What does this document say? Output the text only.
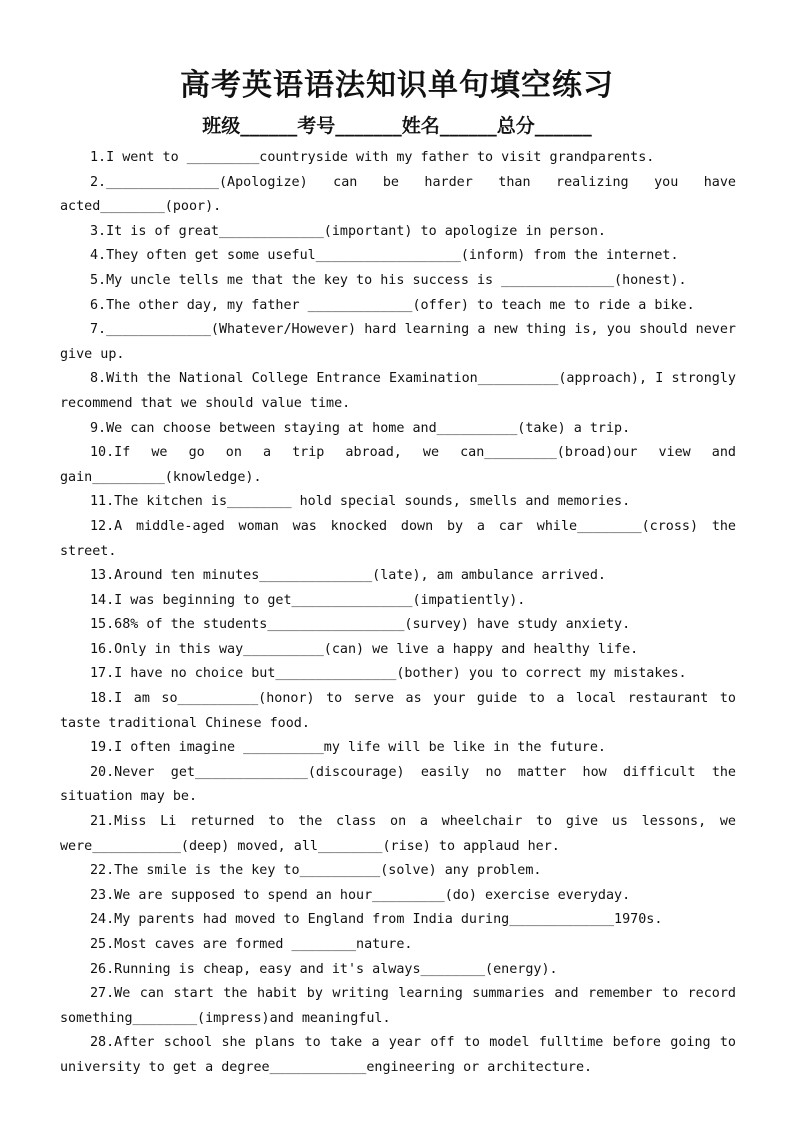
高考英语语法知识单句填空练习
班级______考号_______姓名______总分______

1.I went to _________countryside with my father to visit grandparents.

2.______________(Apologize) can be harder than realizing you have acted________(poor).

3.It is of great_____________(important) to apologize in person.

4.They often get some useful__________________(inform) from the internet.

5.My uncle tells me that the key to his success is ______________(honest).

6.The other day, my father _____________(offer) to teach me to ride a bike.

7._____________(Whatever/However) hard learning a new thing is, you should never give up.

8.With the National College Entrance Examination__________(approach), I strongly recommend that we should value time.

9.We can choose between staying at home and__________(take) a trip.

10.If we go on a trip abroad, we can_________(broad)our view and gain_________(knowledge).

11.The kitchen is________ hold special sounds, smells and memories.

12.A middle-aged woman was knocked down by a car while________(cross) the street.

13.Around ten minutes______________(late), am ambulance arrived.

14.I was beginning to get_______________(impatiently).

15.68% of the students_________________(survey) have study anxiety.

16.Only in this way__________(can) we live a happy and healthy life.

17.I have no choice but_______________(bother) you to correct my mistakes.

18.I am so__________(honor) to serve as your guide to a local restaurant to taste traditional Chinese food.

19.I often imagine __________my life will be like in the future.

20.Never get______________(discourage) easily no matter how difficult the situation may be.

21.Miss Li returned to the class on a wheelchair to give us lessons, we were___________(deep) moved, all________(rise) to applaud her.

22.The smile is the key to__________(solve) any problem.

23.We are supposed to spend an hour_________(do) exercise everyday.

24.My parents had moved to England from India during_____________1970s.

25.Most caves are formed ________nature.

26.Running is cheap, easy and it's always________(energy).

27.We can start the habit by writing learning summaries and remember to record something________(impress)and meaningful.

28.After school she plans to take a year off to model fulltime before going to university to get a degree____________engineering or architecture.
